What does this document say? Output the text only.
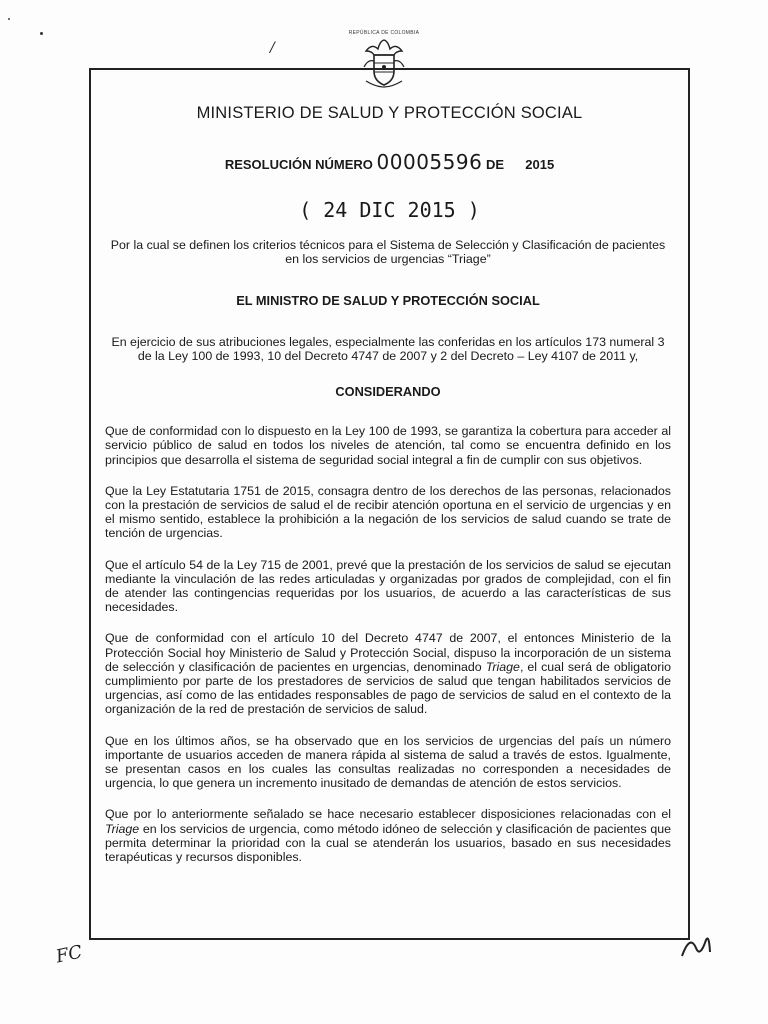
REPÚBLICA DE COLOMBIA
/
MINISTERIO DE SALUD Y PROTECCIÓN SOCIAL
RESOLUCIÓN NÚMERO 00005596 DE 2015
( 24 DIC 2015 )

Por la cual se definen los criterios técnicos para el Sistema de Selección y Clasificación de pacientes en los servicios de urgencias “Triage”

EL MINISTRO DE SALUD Y PROTECCIÓN SOCIAL

En ejercicio de sus atribuciones legales, especialmente las conferidas en los artículos 173 numeral 3 de la Ley 100 de 1993, 10 del Decreto 4747 de 2007 y 2 del Decreto – Ley 4107 de 2011 y,

CONSIDERANDO

Que de conformidad con lo dispuesto en la Ley 100 de 1993, se garantiza la cobertura para acceder al servicio público de salud en todos los niveles de atención, tal como se encuentra definido en los principios que desarrolla el sistema de seguridad social integral a fin de cumplir con sus objetivos.

Que la Ley Estatutaria 1751 de 2015, consagra dentro de los derechos de las personas, relacionados con la prestación de servicios de salud el de recibir atención oportuna en el servicio de urgencias y en el mismo sentido, establece la prohibición a la negación de los servicios de salud cuando se trate de tención de urgencias.

Que el artículo 54 de la Ley 715 de 2001, prevé que la prestación de los servicios de salud se ejecutan mediante la vinculación de las redes articuladas y organizadas por grados de complejidad, con el fin de atender las contingencias requeridas por los usuarios, de acuerdo a las características de sus necesidades.

Que de conformidad con el artículo 10 del Decreto 4747 de 2007, el entonces Ministerio de la Protección Social hoy Ministerio de Salud y Protección Social, dispuso la incorporación de un sistema de selección y clasificación de pacientes en urgencias, denominado Triage, el cual será de obligatorio cumplimiento por parte de los prestadores de servicios de salud que tengan habilitados servicios de urgencias, así como de las entidades responsables de pago de servicios de salud en el contexto de la organización de la red de prestación de servicios de salud.

Que en los últimos años, se ha observado que en los servicios de urgencias del país un número importante de usuarios acceden de manera rápida al sistema de salud a través de estos. Igualmente, se presentan casos en los cuales las consultas realizadas no corresponden a necesidades de urgencia, lo que genera un incremento inusitado de demandas de atención de estos servicios.

Que por lo anteriormente señalado se hace necesario establecer disposiciones relacionadas con el Triage en los servicios de urgencia, como método idóneo de selección y clasificación de pacientes que permita determinar la prioridad con la cual se atenderán los usuarios, basado en sus necesidades terapéuticas y recursos disponibles.

FC
